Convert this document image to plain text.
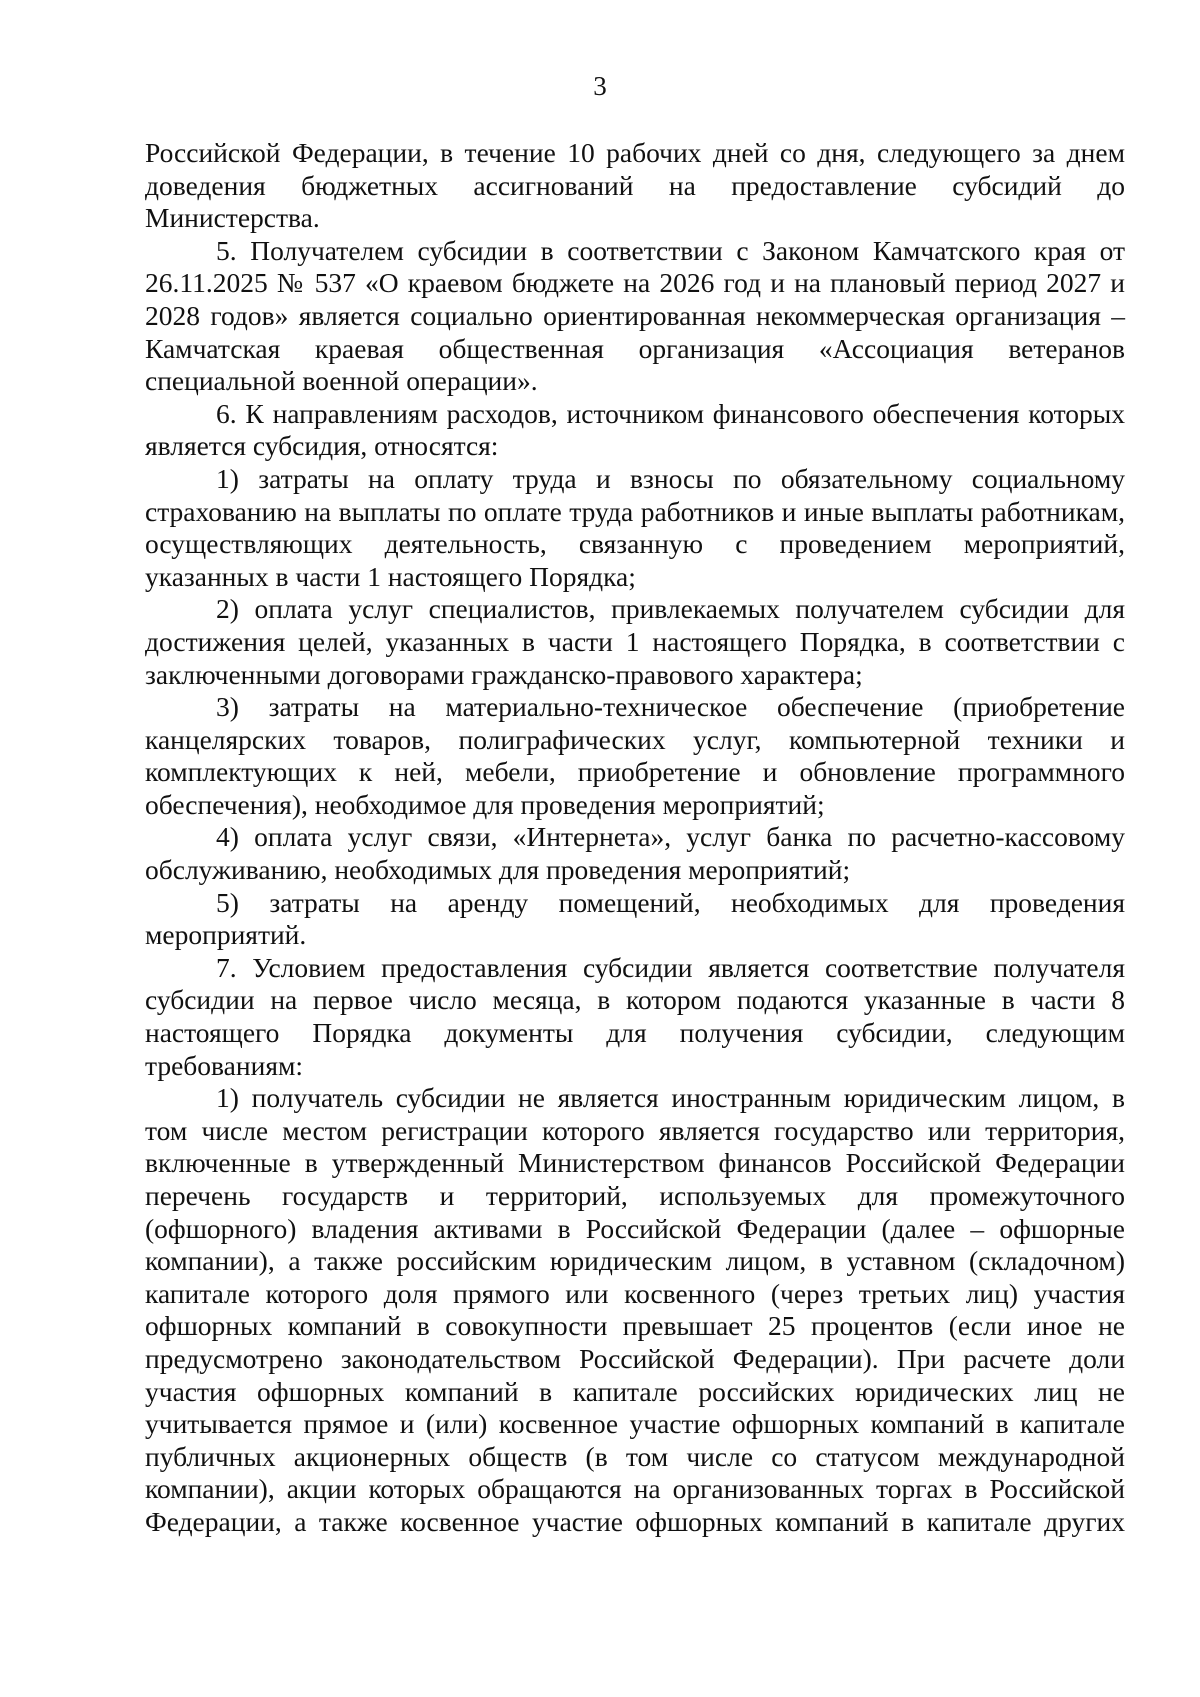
3

Российской Федерации, в течение 10 рабочих дней со дня, следующего за днем доведения бюджетных ассигнований на предоставление субсидий до Министерства.

5. Получателем субсидии в соответствии с Законом Камчатского края от 26.11.2025 № 537 «О краевом бюджете на 2026 год и на плановый период 2027 и 2028 годов» является социально ориентированная некоммерческая организация – Камчатская краевая общественная организация «Ассоциация ветеранов специальной военной операции».

6. К направлениям расходов, источником финансового обеспечения которых является субсидия, относятся:

1) затраты на оплату труда и взносы по обязательному социальному страхованию на выплаты по оплате труда работников и иные выплаты работникам, осуществляющих деятельность, связанную с проведением мероприятий, указанных в части 1 настоящего Порядка;

2) оплата услуг специалистов, привлекаемых получателем субсидии для достижения целей, указанных в части 1 настоящего Порядка, в соответствии с заключенными договорами гражданско-правового характера;

3) затраты на материально-техническое обеспечение (приобретение канцелярских товаров, полиграфических услуг, компьютерной техники и комплектующих к ней, мебели, приобретение и обновление программного обеспечения), необходимое для проведения мероприятий;

4) оплата услуг связи, «Интернета», услуг банка по расчетно-кассовому обслуживанию, необходимых для проведения мероприятий;

5) затраты на аренду помещений, необходимых для проведения мероприятий.

7. Условием предоставления субсидии является соответствие получателя субсидии на первое число месяца, в котором подаются указанные в части 8 настоящего Порядка документы для получения субсидии, следующим требованиям:

1) получатель субсидии не является иностранным юридическим лицом, в том числе местом регистрации которого является государство или территория, включенные в утвержденный Министерством финансов Российской Федерации перечень государств и территорий, используемых для промежуточного (офшорного) владения активами в Российской Федерации (далее – офшорные компании), а также российским юридическим лицом, в уставном (складочном) капитале которого доля прямого или косвенного (через третьих лиц) участия офшорных компаний в совокупности превышает 25 процентов (если иное не предусмотрено законодательством Российской Федерации). При расчете доли участия офшорных компаний в капитале российских юридических лиц не учитывается прямое и (или) косвенное участие офшорных компаний в капитале публичных акционерных обществ (в том числе со статусом международной компании), акции которых обращаются на организованных торгах в Российской Федерации, а также косвенное участие офшорных компаний в капитале других
